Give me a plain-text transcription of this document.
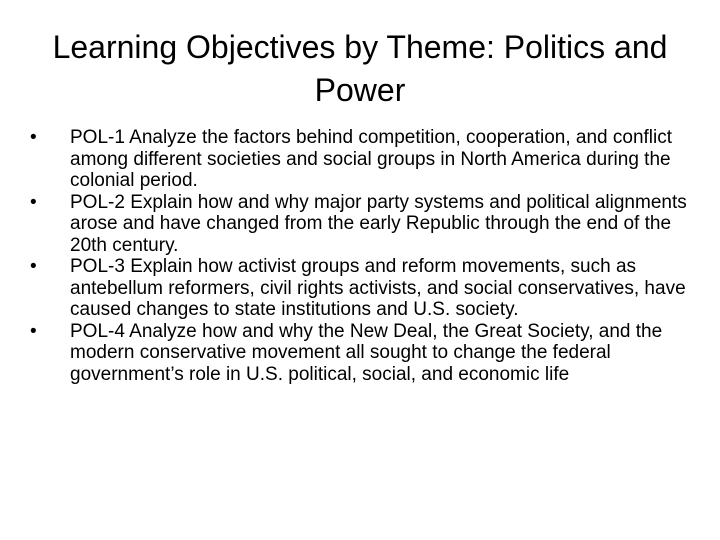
Learning Objectives by Theme: Politics and Power
•	POL-1 Analyze the factors behind competition, cooperation, and conflict among different societies and social groups in North America during the colonial period.
•	POL-2 Explain how and why major party systems and political alignments arose and have changed from the early Republic through the end of the 20th century.
•	POL-3 Explain how activist groups and reform movements, such as antebellum reformers, civil rights activists, and social conservatives, have caused changes to state institutions and U.S. society.
•	POL-4 Analyze how and why the New Deal, the Great Society, and the modern conservative movement all sought to change the federal government’s role in U.S. political, social, and economic life
